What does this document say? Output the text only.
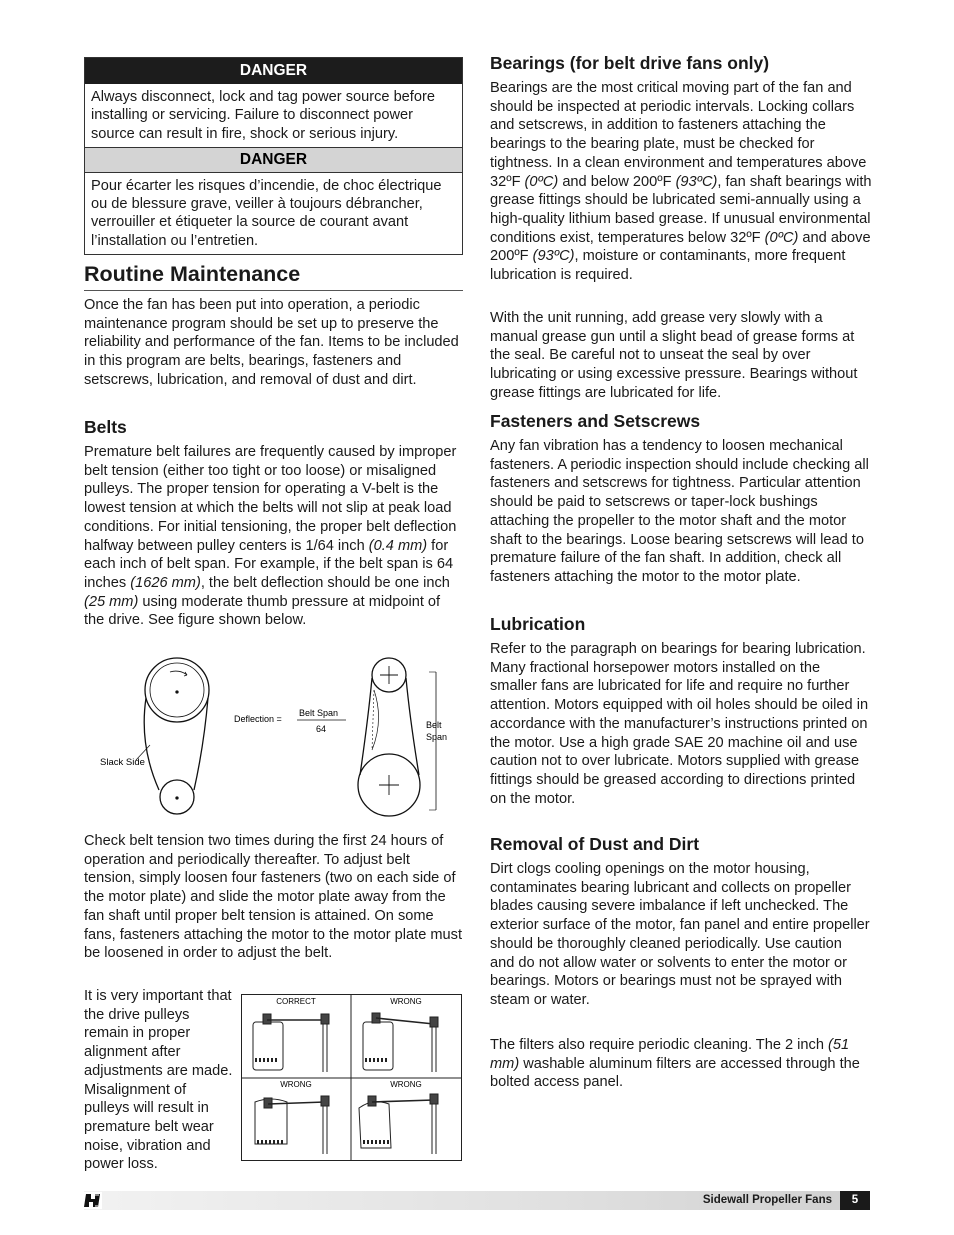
DANGER
Always disconnect, lock and tag power source before installing or servicing. Failure to disconnect power source can result in fire, shock or serious injury.
DANGER
Pour écarter les risques d’incendie, de choc électrique ou de blessure grave, veiller à toujours débrancher, verrouiller et étiqueter la source de courant avant l’installation ou l’entretien.
Routine Maintenance

Once the fan has been put into operation, a periodic maintenance program should be set up to preserve the reliability and performance of the fan. Items to be included in this program are belts, bearings, fasteners and setscrews, lubrication, and removal of dust and dirt.

Belts

Premature belt failures are frequently caused by improper belt tension (either too tight or too loose) or misaligned pulleys. The proper tension for operating a V-belt is the lowest tension at which the belts will not slip at peak load conditions. For initial tensioning, the proper belt deflection halfway between pulley centers is 1/64 inch (0.4 mm) for each inch of belt span. For example, if the belt span is 64 inches (1626 mm), the belt deflection should be one inch (25 mm) using moderate thumb pressure at midpoint of the drive. See figure shown below.

Slack Side
Deflection =
Belt Span
64	Belt Span

Check belt tension two times during the first 24 hours of operation and periodically thereafter. To adjust belt tension, simply loosen four fasteners (two on each side of the motor plate) and slide the motor plate away from the fan shaft until proper belt tension is attained. On some fans, fasteners attaching the motor to the motor plate must be loosened in order to adjust the belt.

It is very important that the drive pulleys remain in proper alignment after adjustments are made. Misalignment of pulleys will result in premature belt wear noise, vibration and power loss.

CORRECT	WRONG
WRONG	WRONG
Bearings (for belt drive fans only)

Bearings are the most critical moving part of the fan and should be inspected at periodic intervals. Locking collars and setscrews, in addition to fasteners attaching the bearings to the bearing plate, must be checked for tightness. In a clean environment and temperatures above 32ºF (0ºC) and below 200ºF (93ºC), fan shaft bearings with grease fittings should be lubricated semi-annually using a high-quality lithium based grease. If unusual environmental conditions exist, temperatures below 32ºF (0ºC) and above 200ºF (93ºC), moisture or contaminants, more frequent lubrication is required.

With the unit running, add grease very slowly with a manual grease gun until a slight bead of grease forms at the seal. Be careful not to unseat the seal by over lubricating or using excessive pressure. Bearings without grease fittings are lubricated for life.

Fasteners and Setscrews

Any fan vibration has a tendency to loosen mechanical fasteners. A periodic inspection should include checking all fasteners and setscrews for tightness. Particular attention should be paid to setscrews or taper-lock bushings attaching the propeller to the motor shaft and the motor shaft to the bearings. Loose bearing setscrews will lead to premature failure of the fan shaft. In addition, check all fasteners attaching the motor to the motor plate.

Lubrication

Refer to the paragraph on bearings for bearing lubrication. Many fractional horsepower motors installed on the smaller fans are lubricated for life and require no further attention. Motors equipped with oil holes should be oiled in accordance with the manufacturer’s instructions printed on the motor. Use a high grade SAE 20 machine oil and use caution not to over lubricate. Motors supplied with grease fittings should be greased according to directions printed on the motor.

Removal of Dust and Dirt

Dirt clogs cooling openings on the motor housing, contaminates bearing lubricant and collects on propeller blades causing severe imbalance if left unchecked. The exterior surface of the motor, fan panel and entire propeller should be thoroughly cleaned periodically. Use caution and do not allow water or solvents to enter the motor or bearings. Motors or bearings must not be sprayed with steam or water.

The filters also require periodic cleaning. The 2 inch (51 mm) washable aluminum filters are accessed through the bolted access panel.

Sidewall Propeller Fans	5
